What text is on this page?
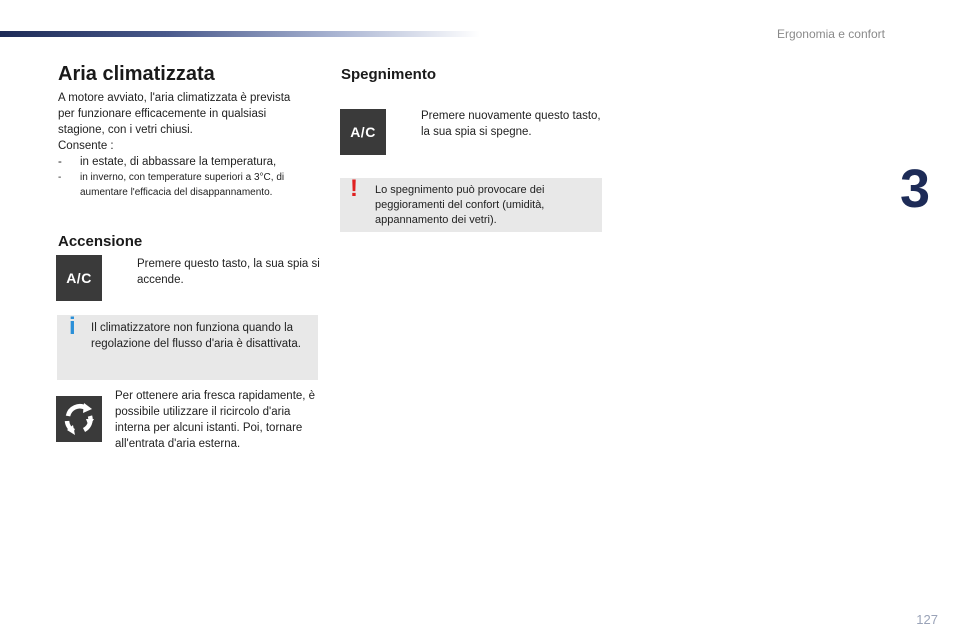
Ergonomia e confort
3
Aria climatizzata

A motore avviato, l'aria climatizzata è prevista

per funzionare efficacemente in qualsiasi

stagione, con i vetri chiusi.

Consente :

- in estate, di abbassare la temperatura,

- in inverno, con temperature superiori a 3°C, di aumentare l'efficacia del disappannamento.

Accensione
A/C
Premere questo tasto, la sua spia si accende.
i Il climatizzatore non funziona quando la regolazione del flusso d'aria è disattivata.
Per ottenere aria fresca rapidamente, è possibile utilizzare il ricircolo d'aria interna per alcuni istanti. Poi, tornare all'entrata d'aria esterna.
Spegnimento
A/C
Premere nuovamente questo tasto, la sua spia si spegne.
! Lo spegnimento può provocare dei peggioramenti del confort (umidità, appannamento dei vetri).
127
